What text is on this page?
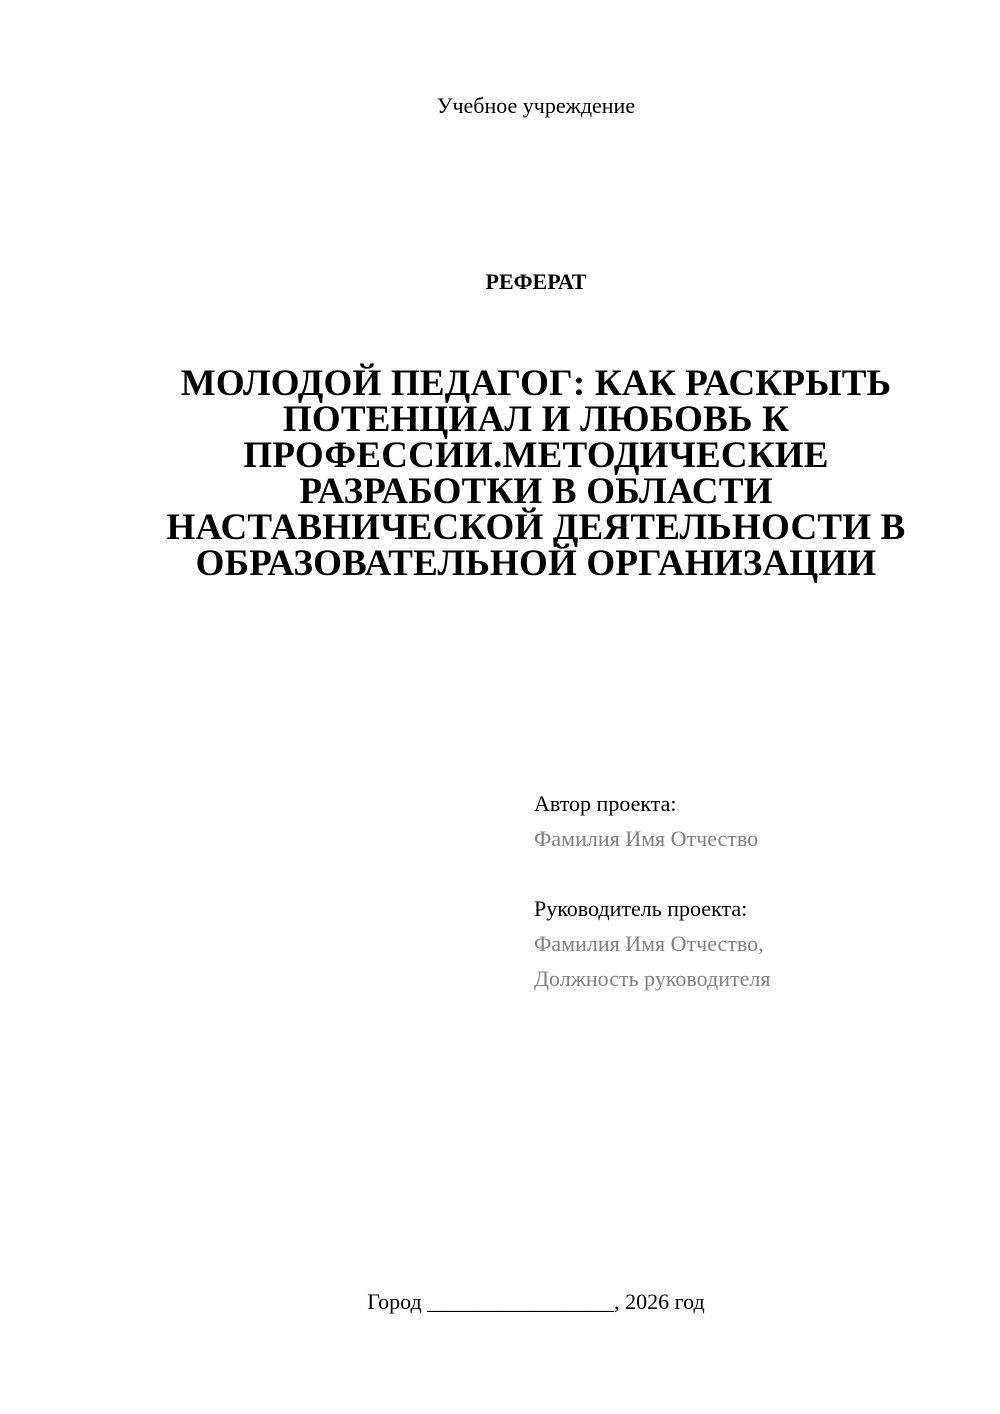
Учебное учреждение
РЕФЕРАТ
МОЛОДОЙ ПЕДАГОГ: КАК РАСКРЫТЬ
ПОТЕНЦИАЛ И ЛЮБОВЬ К
ПРОФЕССИИ.МЕТОДИЧЕСКИЕ
РАЗРАБОТКИ В ОБЛАСТИ
НАСТАВНИЧЕСКОЙ ДЕЯТЕЛЬНОСТИ В
ОБРАЗОВАТЕЛЬНОЙ ОРГАНИЗАЦИИ
Автор проекта:
Фамилия Имя Отчество
Руководитель проекта:
Фамилия Имя Отчество,
Должность руководителя
Город _________________, 2026 год
